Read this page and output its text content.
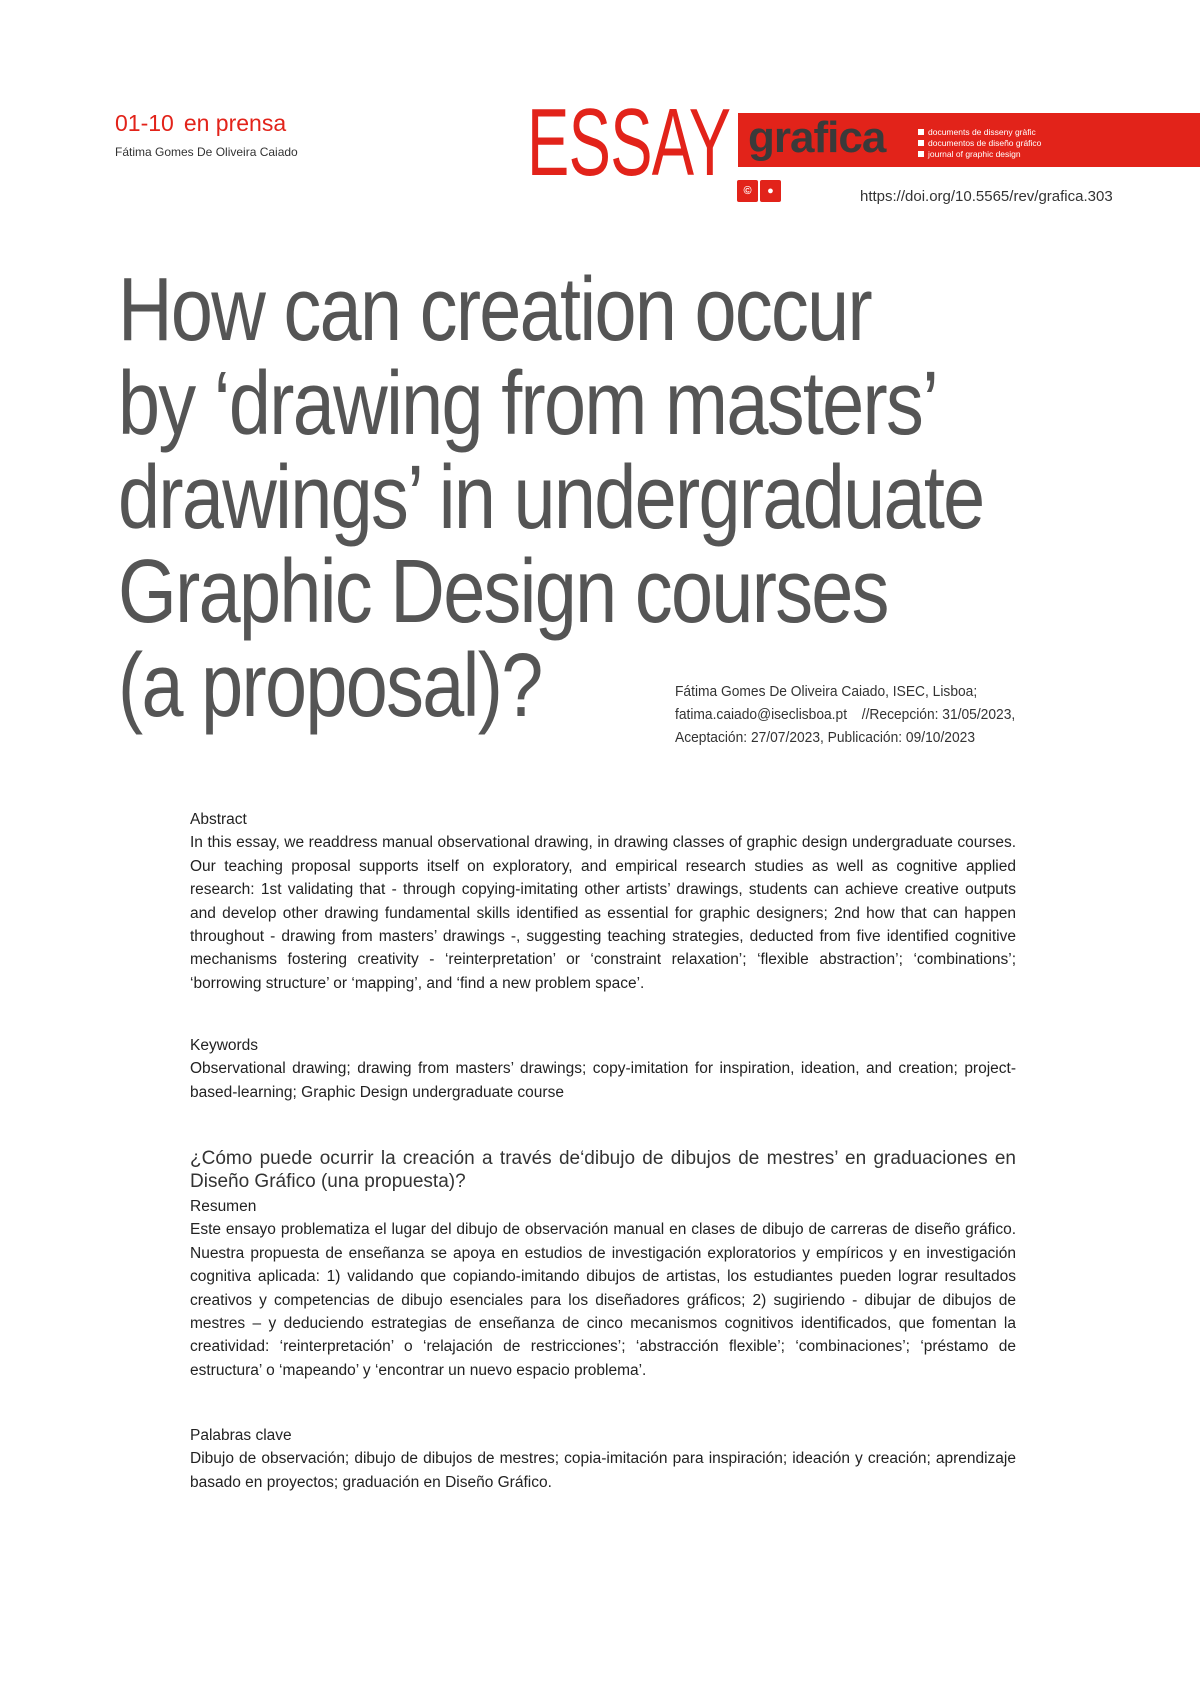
01-10 en prensa
Fátima Gomes De Oliveira Caiado ESSAY grafica	documents de disseny gràfic
documentos de diseño gráfico
journal of graphic design
©	●	https://doi.org/10.5565/rev/grafica.303
How can creation occur
by ‘drawing from masters’
drawings’ in undergraduate
Graphic Design courses
(a proposal)?	Fátima Gomes De Oliveira Caiado, ISEC, Lisboa;
fatima.caiado@iseclisboa.pt //Recepción: 31/05/2023,
Aceptación: 27/07/2023, Publicación: 09/10/2023
Abstract
In this essay, we readdress manual observational drawing, in drawing classes of graphic design undergraduate courses. Our teaching proposal supports itself on exploratory, and empirical research studies as well as cognitive applied research: 1st validating that - through copying-imitating other artists’ drawings, students can achieve creative outputs and develop other drawing fundamental skills identified as essential for graphic designers; 2nd how that can happen throughout - drawing from masters’ drawings -, suggesting teaching strategies, deducted from five identified cognitive mechanisms fostering creativity - ‘reinterpretation’ or ‘constraint relaxation’; ‘flexible abstraction’; ‘combinations’; ‘borrowing structure’ or ‘mapping’, and ‘find a new problem space’.
Keywords
Observational drawing; drawing from masters’ drawings; copy-imitation for inspiration, ideation, and creation; project-based-learning; Graphic Design undergraduate course
¿Cómo puede ocurrir la creación a través de‘dibujo de dibujos de mestres’ en graduaciones en Diseño Gráfico (una propuesta)?
Resumen
Este ensayo problematiza el lugar del dibujo de observación manual en clases de dibujo de carreras de diseño gráfico. Nuestra propuesta de enseñanza se apoya en estudios de investigación exploratorios y empíricos y en investigación cognitiva aplicada: 1) validando que copiando-imitando dibujos de artistas, los estudiantes pueden lograr resultados creativos y competencias de dibujo esenciales para los diseñadores gráficos; 2) sugiriendo - dibujar de dibujos de mestres – y deduciendo estrategias de enseñanza de cinco mecanismos cognitivos identificados, que fomentan la creatividad: ‘reinterpretación’ o ‘relajación de restricciones’; ‘abstracción flexible’; ‘combinaciones’; ‘préstamo de estructura’ o ‘mapeando’ y ‘encontrar un nuevo espacio problema’.
Palabras clave
Dibujo de observación; dibujo de dibujos de mestres; copia-imitación para inspiración; ideación y creación; aprendizaje basado en proyectos; graduación en Diseño Gráfico.
